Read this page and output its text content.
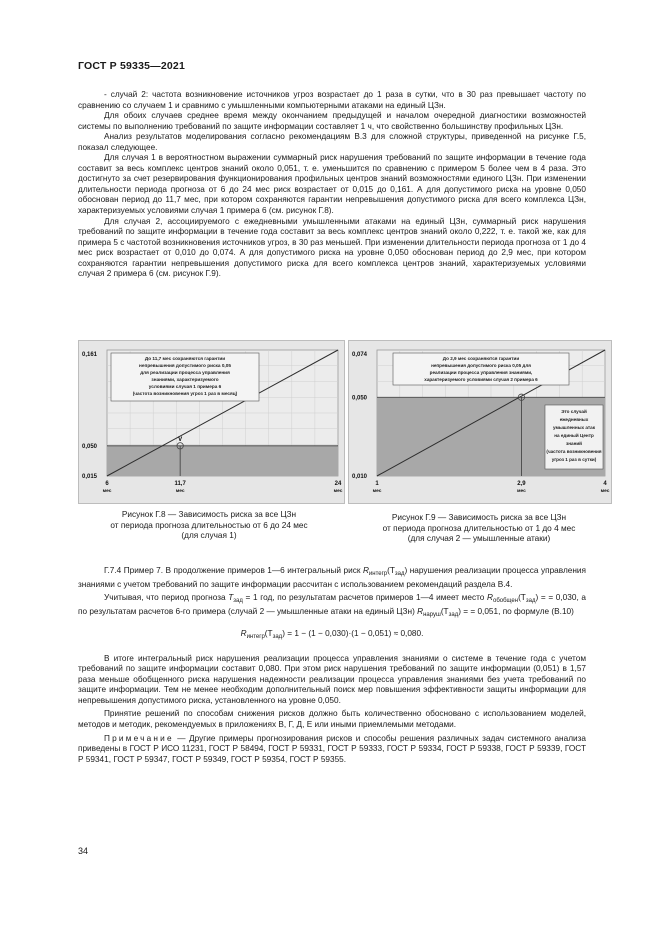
ГОСТ Р 59335—2021

- случай 2: частота возникновение источников угроз возрастает до 1 раза в сутки, что в 30 раз превышает частоту по сравнению со случаем 1 и сравнимо с умышленными компьютерными атаками на единый ЦЗн.

Для обоих случаев среднее время между окончанием предыдущей и началом очередной диагностики возможностей системы по выполнению требований по защите информации составляет 1 ч, что свойственно большинству профильных ЦЗн.

Анализ результатов моделирования согласно рекомендациям В.3 для сложной структуры, приведенной на рисунке Г.5, показал следующее.

Для случая 1 в вероятностном выражении суммарный риск нарушения требований по защите информации в течение года составит за весь комплекс центров знаний около 0,051, т. е. уменьшится по сравнению с примером 5 более чем в 4 раза. Это достигнуто за счет резервирования функционирования профильных центров знаний возможностями единого ЦЗн. При изменении длительности периода прогноза от 6 до 24 мес риск возрастает от 0,015 до 0,161. А для допустимого риска на уровне 0,050 обоснован период до 11,7 мес, при котором сохраняются гарантии непревышения допустимого риска для всего комплекса ЦЗн, характеризуемых условиями случая 1 примера 6 (см. рисунок Г.8).

Для случая 2, ассоциируемого с ежедневными умышленными атаками на единый ЦЗн, суммарный риск нарушения требований по защите информации в течение года составит за весь комплекс центров знаний около 0,222, т. е. такой же, как для примера 5 с частотой возникновения источников угроз, в 30 раз меньшей. При изменении длительности периода прогноза от 1 до 4 мес риск возрастает от 0,010 до 0,074. А для допустимого риска на уровне 0,050 обоснован период до 2,9 мес, при котором сохраняются гарантии непревышения допустимого риска для всего комплекса центров знаний, характеризуемых условиями случая 2 примера 6 (см. рисунок Г.9).

V
До 11,7 мес сохраняются гарантии
непревышения допустимого риска 0,05
для реализации процесса управления
знаниями, характеризуемого
условиями случая 1 примера 6
(частота возникновения угроз 1 раз в месяц)
0,161
0,050
0,015
6
мес
11,7
мес
24
мес
До 2,9 мес сохраняются гарантии
непревышения допустимого риска 0,05 для
реализации процесса управления знаниями,
характеризуемого условиями случая 2 примера 6
Это случай
ежедневных
умышленных атак
на единый Центр
знаний
(частота возникновения
угроз 1 раз в сутки)
0,074
0,050
0,010
1
мес
2,9
мес
4
мес
Рисунок Г.8 — Зависимость риска за все ЦЗн
от периода прогноза длительностью от 6 до 24 мес
(для случая 1)
Рисунок Г.9 — Зависимость риска за все ЦЗн
от периода прогноза длительностью от 1 до 4 мес
(для случая 2 — умышленные атаки)

Г.7.4 Пример 7. В продолжение примеров 1—6 интегральный риск $R_{интегр}(T_{зад})$ нарушения реализации процесса управления знаниями с учетом требований по защите информации рассчитан с использованием рекомендаций раздела В.4.

Учитывая, что период прогноза $T_{зад} = 1$ год, по результатам расчетов примеров 1—4 имеет место $R_{обобщен}(T_{зад})$ = = 0,030, а по результатам расчетов 6-го примера (случай 2 — умышленные атаки на единый ЦЗн) $R_{наруш}(T_{зад})$ = = 0,051, по формуле (В.10)

$R_{интегр}(T_{зад}) = 1 - (1 - 0,030)\cdot(1 - 0,051) \approx 0,080$.

В итоге интегральный риск нарушения реализации процесса управления знаниями о системе в течение года с учетом требований по защите информации составит 0,080. При этом риск нарушения требований по защите информации (0,051) в 1,57 раза меньше обобщенного риска нарушения надежности реализации процесса управления знаниями без учета требований по защите информации. Тем не менее необходим дополнительный поиск мер повышения эффективности защиты информации для непревышения допустимого риска, установленного на уровне 0,050.

Принятие решений по способам снижения рисков должно быть количественно обосновано с использованием моделей, методов и методик, рекомендуемых в приложениях В, Г, Д, Е или иными приемлемыми методами.

Примечание — Другие примеры прогнозирования рисков и способы решения различных задач системного анализа приведены в ГОСТ Р ИСО 11231, ГОСТ Р 58494, ГОСТ Р 59331, ГОСТ Р 59333, ГОСТ Р 59334, ГОСТ Р 59338, ГОСТ Р 59339, ГОСТ Р 59341, ГОСТ Р 59347, ГОСТ Р 59349, ГОСТ Р 59354, ГОСТ Р 59355.

34
